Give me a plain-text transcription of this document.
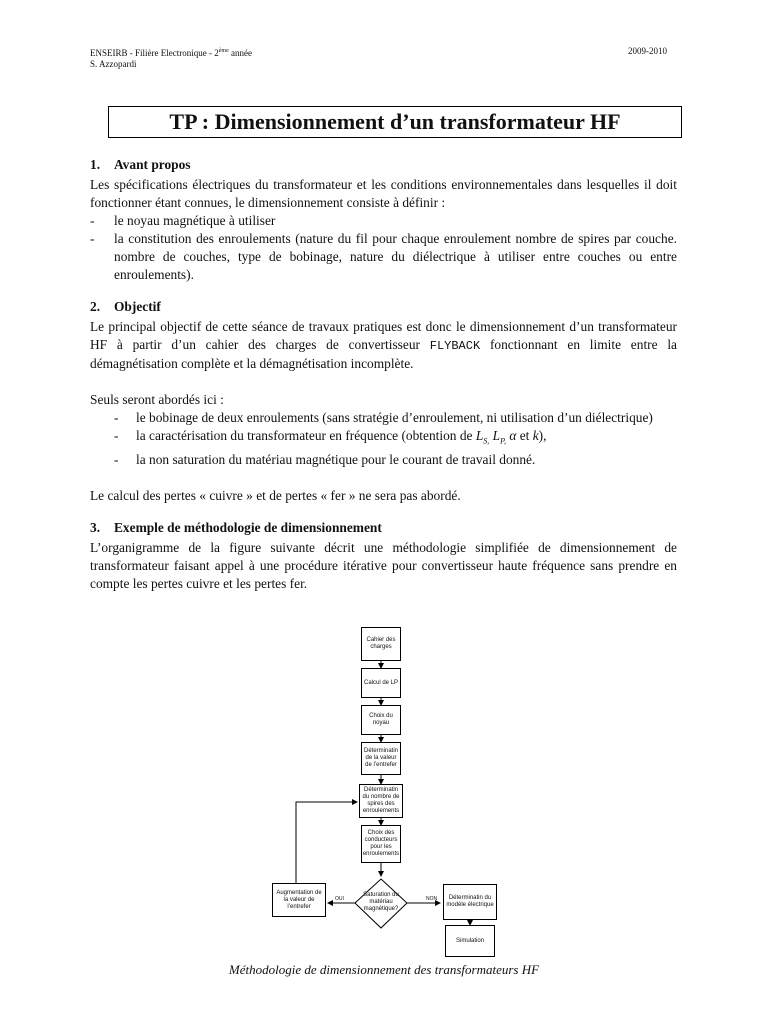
ENSEIRB - Filière Electronique - 2ème année
S. Azzopardi
2009-2010
TP : Dimensionnement d’un transformateur HF
1. Avant propos

Les spécifications électriques du transformateur et les conditions environnementales dans lesquelles il doit fonctionner étant connues, le dimensionnement consiste à définir :

-	le noyau magnétique à utiliser
-	la constitution des enroulements (nature du fil pour chaque enroulement nombre de spires par couche. nombre de couches, type de bobinage, nature du diélectrique à utiliser entre couches ou entre enroulements).
2. Objectif

Le principal objectif de cette séance de travaux pratiques est donc le dimensionnement d’un transformateur HF à partir d’un cahier des charges de convertisseur FLYBACK fonctionnant en limite entre la démagnétisation complète et la démagnétisation incomplète.

Seuls seront abordés ici :

-	le bobinage de deux enroulements (sans stratégie d’enroulement, ni utilisation d’un diélectrique)
-	la caractérisation du transformateur en fréquence (obtention de $L_{S,}$ $L_{P,}$ α et k),
-	la non saturation du matériau magnétique pour le courant de travail donné.

Le calcul des pertes « cuivre » et de pertes « fer » ne sera pas abordé.

3. Exemple de méthodologie de dimensionnement

L’organigramme de la figure suivante décrit une méthodologie simplifiée de dimensionnement de transformateur faisant appel à une procédure itérative pour convertisseur haute fréquence sans prendre en compte les pertes cuivre et les pertes fer.

OUI	NON
Cahier des charges
Calcul de LP
Choix du noyau
Déterminatin de la valeur de l’entrefer
Déterminatin du nombre de spires des enroulements
Choix des conducteurs pour les enroulements
Augmentation de la valeur de l’entrefer
Saturation du matériau magnétique?
Déterminatin du modèle électrique
Simulation
Méthodologie de dimensionnement des transformateurs HF
